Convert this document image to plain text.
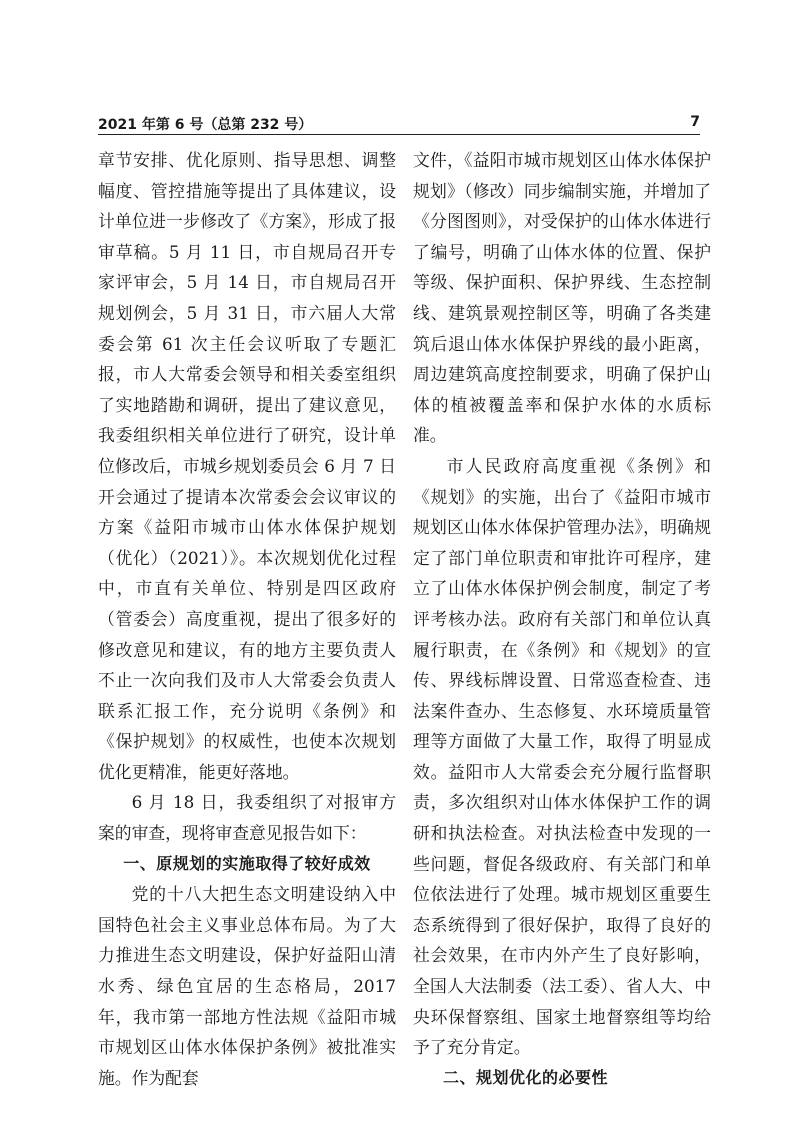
2021 年第 6 号（总第 232 号）	7

章节安排、优化原则、指导思想、调整幅度、管控措施等提出了具体建议，设计单位进一步修改了《方案》，形成了报审草稿。5 月 11 日，市自规局召开专家评审会，5 月 14 日，市自规局召开规划例会，5 月 31 日，市六届人大常委会第 61 次主任会议听取了专题汇报，市人大常委会领导和相关委室组织了实地踏勘和调研，提出了建议意见，我委组织相关单位进行了研究，设计单位修改后，市城乡规划委员会 6 月 7 日开会通过了提请本次常委会会议审议的方案《益阳市城市山体水体保护规划（优化）（2021）》。本次规划优化过程中，市直有关单位、特别是四区政府（管委会）高度重视，提出了很多好的修改意见和建议，有的地方主要负责人不止一次向我们及市人大常委会负责人联系汇报工作，充分说明《条例》和《保护规划》的权威性，也使本次规划优化更精准，能更好落地。

6 月 18 日，我委组织了对报审方案的审查，现将审查意见报告如下：

一、原规划的实施取得了较好成效

党的十八大把生态文明建设纳入中国特色社会主义事业总体布局。为了大力推进生态文明建设，保护好益阳山清水秀、绿色宜居的生态格局，2017 年，我市第一部地方性法规《益阳市城市规划区山体水体保护条例》被批准实施。作为配套

文件，《益阳市城市规划区山体水体保护规划》（修改）同步编制实施，并增加了《分图图则》，对受保护的山体水体进行了编号，明确了山体水体的位置、保护等级、保护面积、保护界线、生态控制线、建筑景观控制区等，明确了各类建筑后退山体水体保护界线的最小距离，周边建筑高度控制要求，明确了保护山体的植被覆盖率和保护水体的水质标准。

市人民政府高度重视《条例》和《规划》的实施，出台了《益阳市城市规划区山体水体保护管理办法》，明确规定了部门单位职责和审批许可程序，建立了山体水体保护例会制度，制定了考评考核办法。政府有关部门和单位认真履行职责，在《条例》和《规划》的宣传、界线标牌设置、日常巡查检查、违法案件查办、生态修复、水环境质量管理等方面做了大量工作，取得了明显成效。益阳市人大常委会充分履行监督职责，多次组织对山体水体保护工作的调研和执法检查。对执法检查中发现的一些问题，督促各级政府、有关部门和单位依法进行了处理。城市规划区重要生态系统得到了很好保护，取得了良好的社会效果，在市内外产生了良好影响，全国人大法制委（法工委）、省人大、中央环保督察组、国家土地督察组等均给予了充分肯定。

二、规划优化的必要性
